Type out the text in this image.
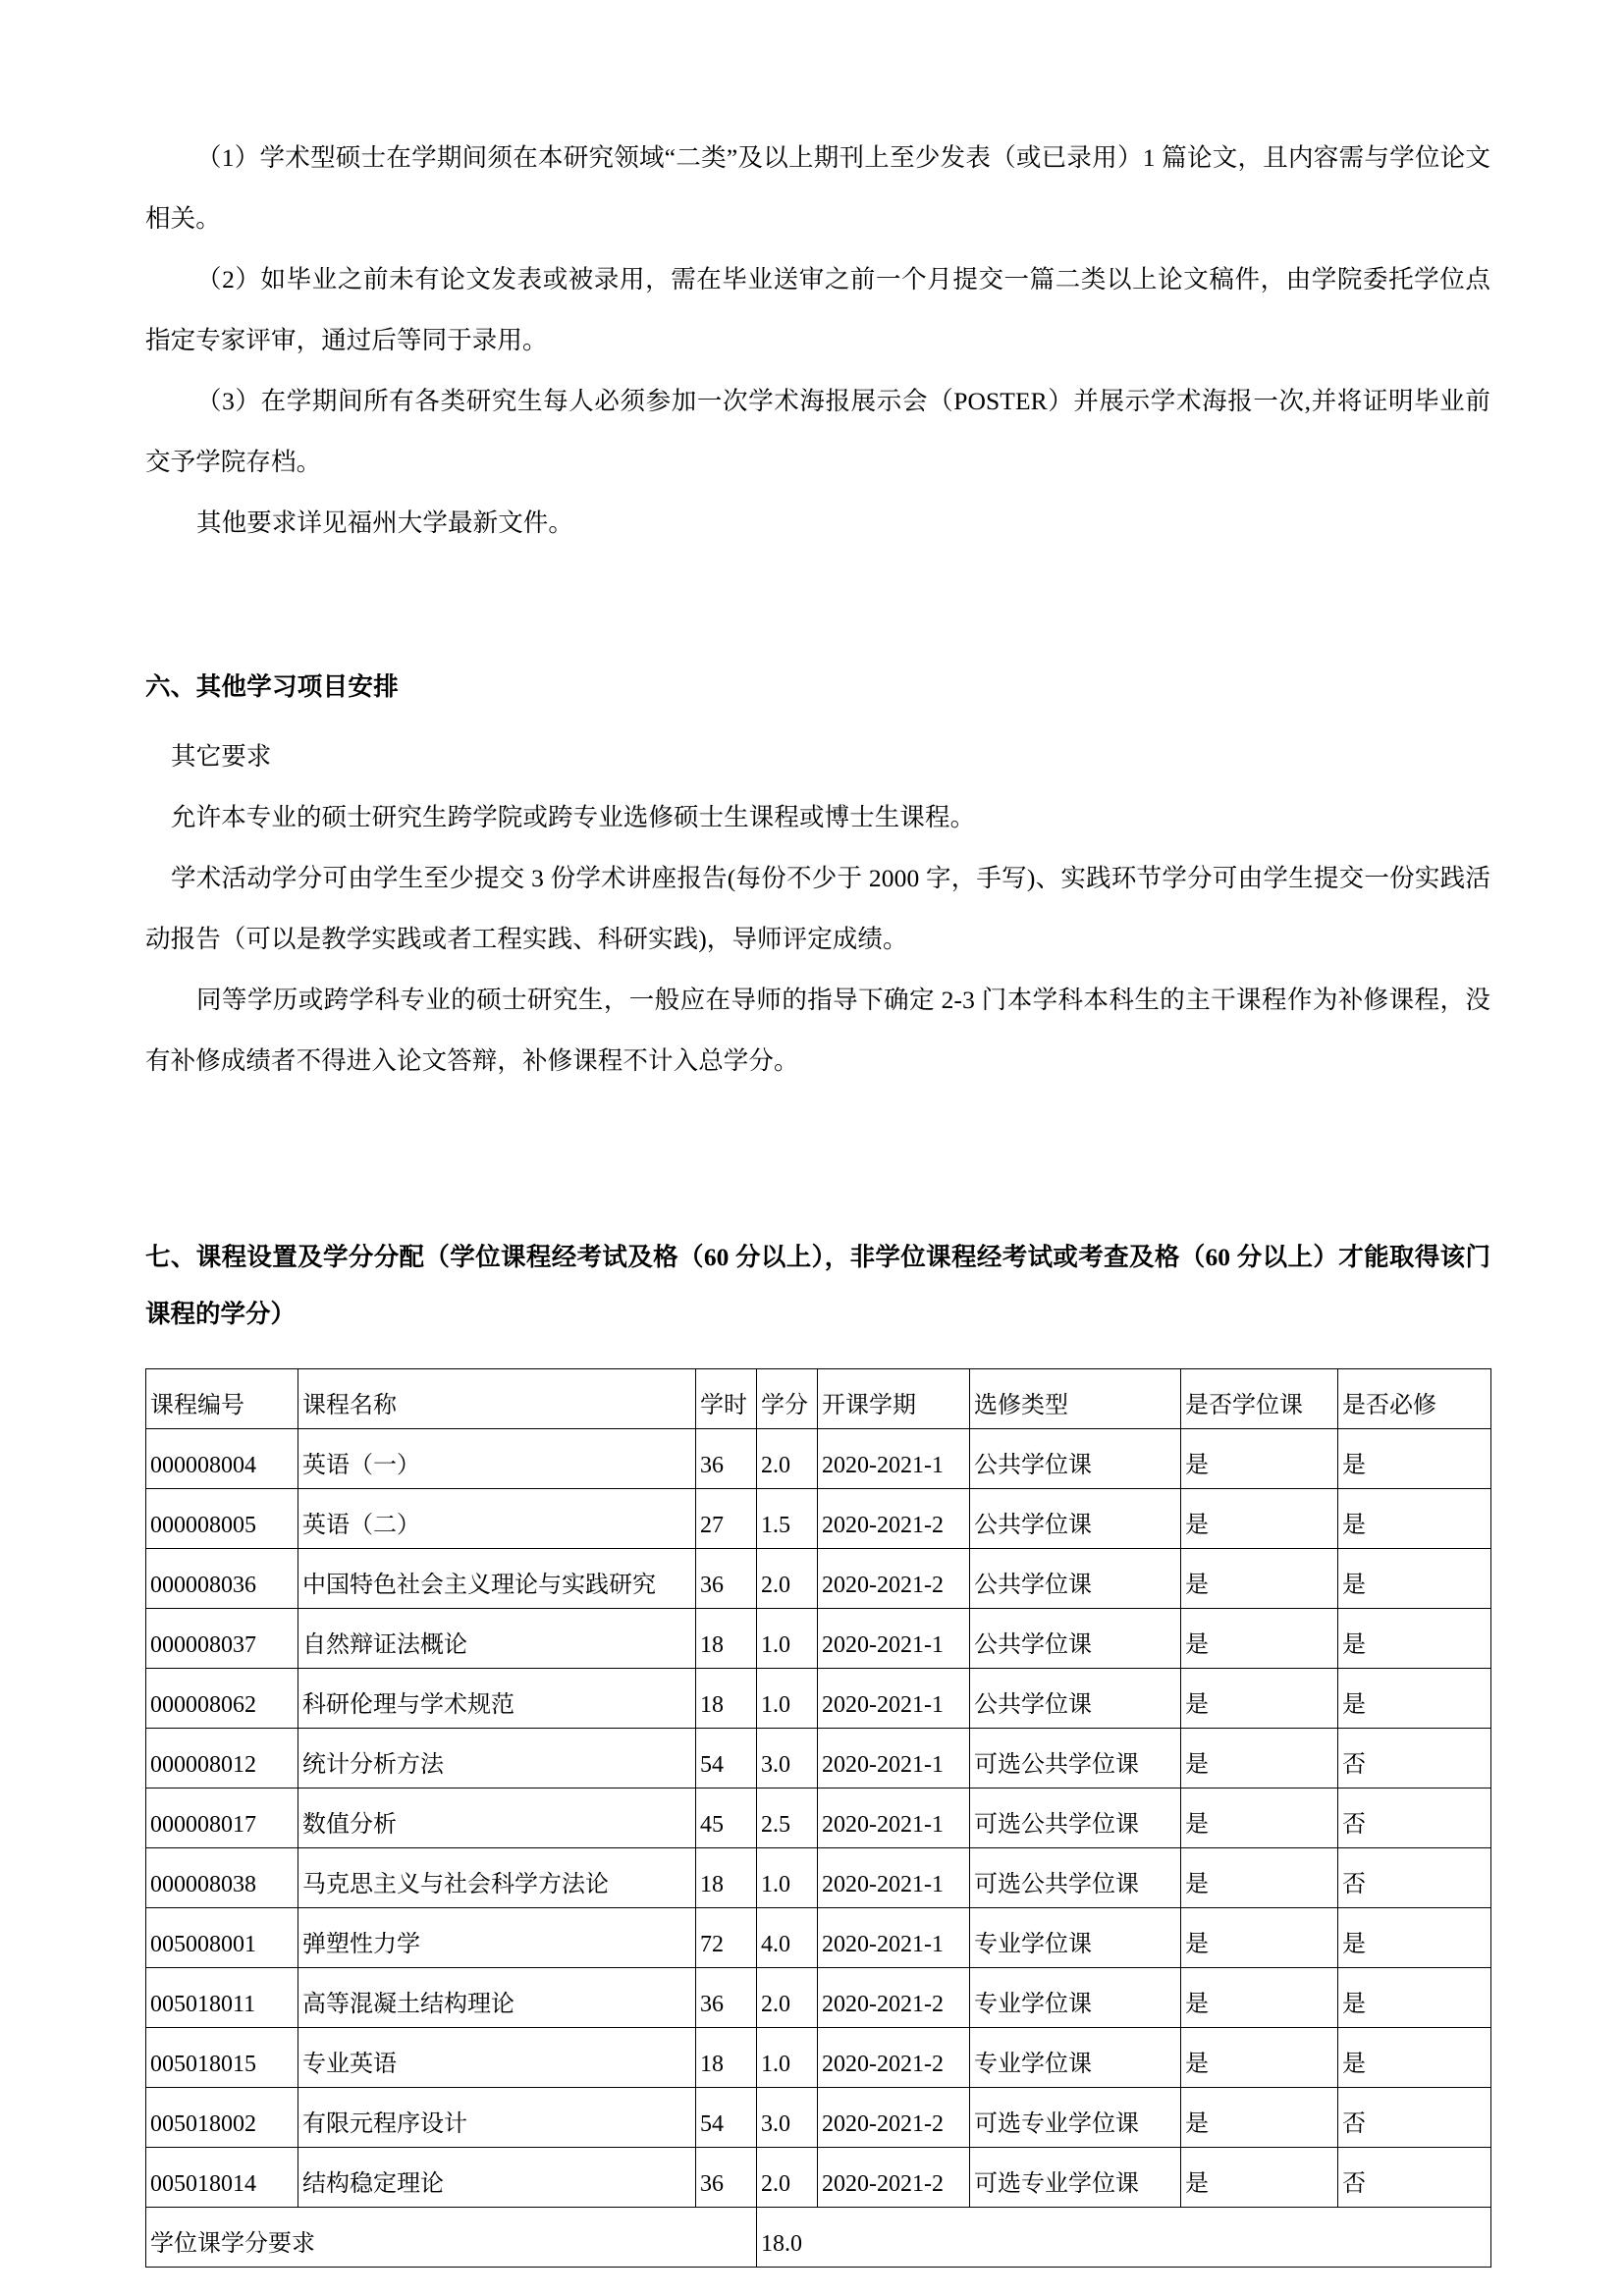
（1）学术型硕士在学期间须在本研究领域“二类”及以上期刊上至少发表（或已录用）1 篇论文，且内容需与学位论文相关。

（2）如毕业之前未有论文发表或被录用，需在毕业送审之前一个月提交一篇二类以上论文稿件，由学院委托学位点指定专家评审，通过后等同于录用。

（3）在学期间所有各类研究生每人必须参加一次学术海报展示会（POSTER）并展示学术海报一次,并将证明毕业前交予学院存档。

其他要求详见福州大学最新文件。

六、其他学习项目安排

其它要求

允许本专业的硕士研究生跨学院或跨专业选修硕士生课程或博士生课程。

学术活动学分可由学生至少提交 3 份学术讲座报告(每份不少于 2000 字，手写)、实践环节学分可由学生提交一份实践活动报告（可以是教学实践或者工程实践、科研实践)，导师评定成绩。

同等学历或跨学科专业的硕士研究生，一般应在导师的指导下确定 2-3 门本学科本科生的主干课程作为补修课程，没有补修成绩者不得进入论文答辩，补修课程不计入总学分。

七、课程设置及学分分配（学位课程经考试及格（60 分以上），非学位课程经考试或考查及格（60 分以上）才能取得该门课程的学分）

课程编号	课程名称	学时	学分	开课学期	选修类型	是否学位课	是否必修
000008004	英语（一）	36	2.0	2020-2021-1	公共学位课	是	是
000008005	英语（二）	27	1.5	2020-2021-2	公共学位课	是	是
000008036	中国特色社会主义理论与实践研究	36	2.0	2020-2021-2	公共学位课	是	是
000008037	自然辩证法概论	18	1.0	2020-2021-1	公共学位课	是	是
000008062	科研伦理与学术规范	18	1.0	2020-2021-1	公共学位课	是	是
000008012	统计分析方法	54	3.0	2020-2021-1	可选公共学位课	是	否
000008017	数值分析	45	2.5	2020-2021-1	可选公共学位课	是	否
000008038	马克思主义与社会科学方法论	18	1.0	2020-2021-1	可选公共学位课	是	否
005008001	弹塑性力学	72	4.0	2020-2021-1	专业学位课	是	是
005018011	高等混凝土结构理论	36	2.0	2020-2021-2	专业学位课	是	是
005018015	专业英语	18	1.0	2020-2021-2	专业学位课	是	是
005018002	有限元程序设计	54	3.0	2020-2021-2	可选专业学位课	是	否
005018014	结构稳定理论	36	2.0	2020-2021-2	可选专业学位课	是	否
学位课学分要求			18.0				
